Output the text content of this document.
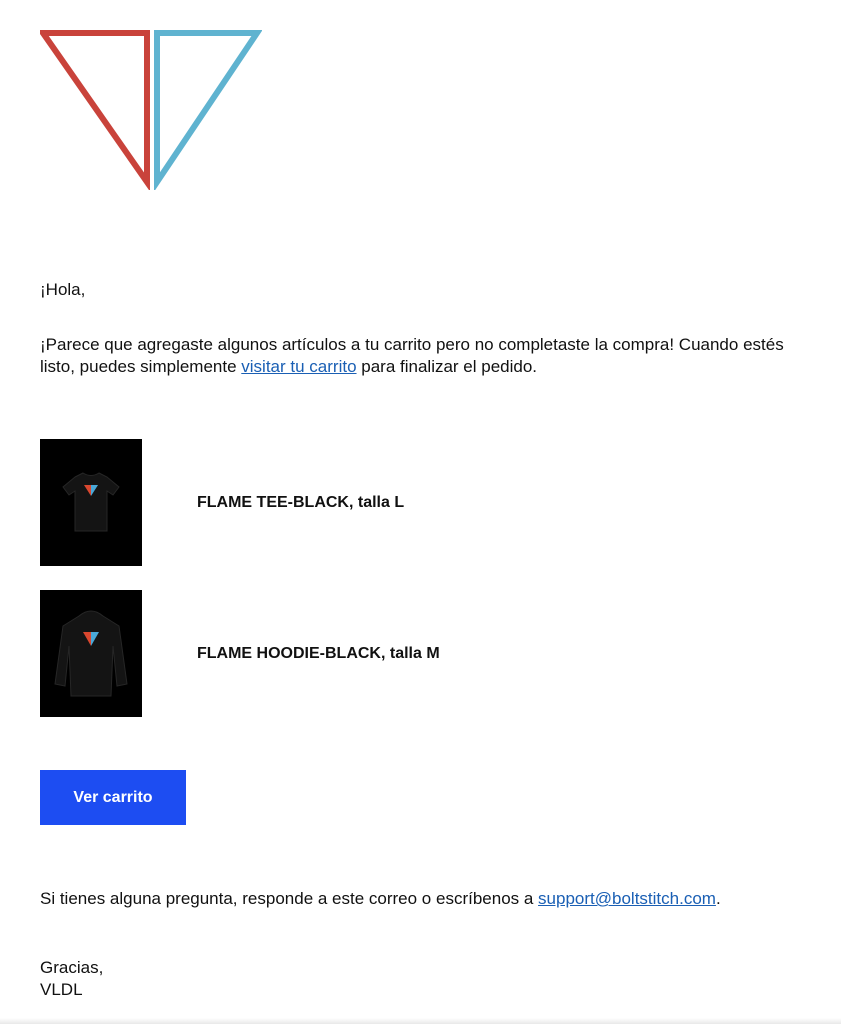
¡Hola,
¡Parece que agregaste algunos artículos a tu carrito pero no completaste la compra! Cuando estés listo, puedes simplemente visitar tu carrito para finalizar el pedido.
FLAME TEE-BLACK, talla L
FLAME HOODIE-BLACK, talla M
Ver carrito
Si tienes alguna pregunta, responde a este correo o escríbenos a support@boltstitch.com.
Gracias,
VLDL
